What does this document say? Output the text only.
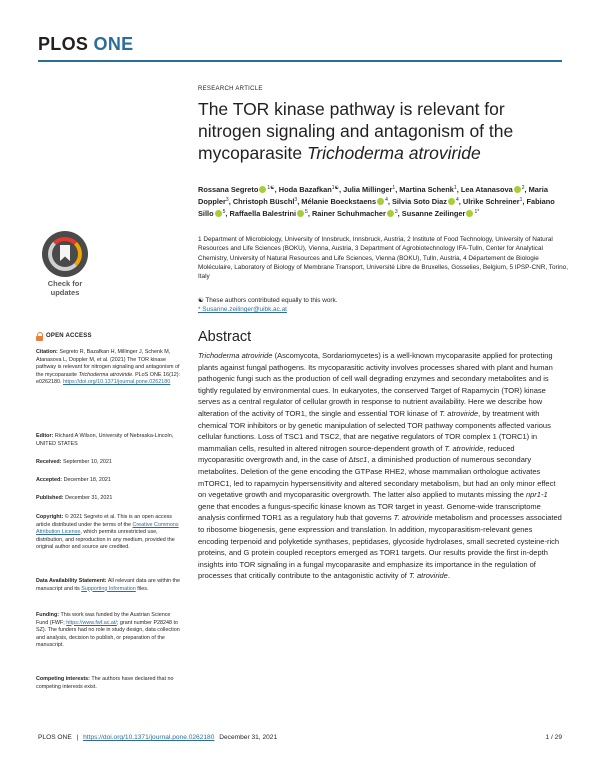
PLOS ONE
Check for
updates
OPEN ACCESS
Citation: Segreto R, Bazafkan H, Millinger J, Schenk M, Atanasova L, Doppler M, et al. (2021) The TOR kinase pathway is relevant for nitrogen signaling and antagonism of the mycoparasite Trichoderma atroviride. PLoS ONE 16(12): e0262180. https://doi.org/10.1371/journal.pone.0262180
Editor: Richard A Wilson, University of Nebraska-Lincoln, UNITED STATES
Received: September 10, 2021
Accepted: December 18, 2021
Published: December 31, 2021
Copyright: © 2021 Segreto et al. This is an open access article distributed under the terms of the Creative Commons Attribution License, which permits unrestricted use, distribution, and reproduction in any medium, provided the original author and source are credited.
Data Availability Statement: All relevant data are within the manuscript and its Supporting Information files.
Funding: This work was funded by the Austrian Science Fund (FWF; https://www.fwf.ac.at/; grant number P28248 to SZ). The funders had no role in study design, data collection and analysis, decision to publish, or preparation of the manuscript.
Competing interests: The authors have declared that no competing interests exist.
RESEARCH ARTICLE
The TOR kinase pathway is relevant for nitrogen signaling and antagonism of the mycoparasite Trichoderma atroviride
Rossana Segreto $^{1☯}$, Hoda Bazafkan$^{1☯}$, Julia Millinger$^1$, Martina Schenk$^1$, Lea Atanasova $^2$, Maria Doppler$^3$, Christoph Büschl$^3$, Mélanie Boeckstaens $^4$, Silvia Soto Diaz $^4$, Ulrike Schreiner$^1$, Fabiano Sillo $^5$, Raffaella Balestrini $^5$, Rainer Schuhmacher $^3$, Susanne Zeilinger $^{1*}$
1 Department of Microbiology, University of Innsbruck, Innsbruck, Austria, 2 Institute of Food Technology, University of Natural Resources and Life Sciences (BOKU), Vienna, Austria, 3 Department of Agrobiotechnology IFA-Tulln, Center for Analytical Chemistry, University of Natural Resources and Life Sciences, Vienna (BOKU), Tulln, Austria, 4 Département de Biologie Moléculaire, Laboratory of Biology of Membrane Transport, Université Libre de Bruxelles, Gosselies, Belgium, 5 IPSP-CNR, Torino, Italy
☯ These authors contributed equally to this work.
* Susanne.zeilinger@uibk.ac.at
Abstract
Trichoderma atroviride (Ascomycota, Sordariomycetes) is a well-known mycoparasite applied for protecting plants against fungal pathogens. Its mycoparasitic activity involves processes shared with plant and human pathogenic fungi such as the production of cell wall degrading enzymes and secondary metabolites and is tightly regulated by environmental cues. In eukaryotes, the conserved Target of Rapamycin (TOR) kinase serves as a central regulator of cellular growth in response to nutrient availability. Here we describe how alteration of the activity of TOR1, the single and essential TOR kinase of T. atroviride, by treatment with chemical TOR inhibitors or by genetic manipulation of selected TOR pathway components affected various cellular functions. Loss of TSC1 and TSC2, that are negative regulators of TOR complex 1 (TORC1) in mammalian cells, resulted in altered nitrogen source-dependent growth of T. atroviride, reduced mycoparasitic overgrowth and, in the case of Δtsc1, a diminished production of numerous secondary metabolites. Deletion of the gene encoding the GTPase RHE2, whose mammalian orthologue activates mTORC1, led to rapamycin hypersensitivity and altered secondary metabolism, but had an only minor effect on vegetative growth and mycoparasitic overgrowth. The latter also applied to mutants missing the npr1-1 gene that encodes a fungus-specific kinase known as TOR target in yeast. Genome-wide transcriptome analysis confirmed TOR1 as a regulatory hub that governs T. atroviride metabolism and processes associated to ribosome biogenesis, gene expression and translation. In addition, mycoparasitism-relevant genes encoding terpenoid and polyketide synthases, peptidases, glycoside hydrolases, small secreted cysteine-rich proteins, and G protein coupled receptors emerged as TOR1 targets. Our results provide the first in-depth insights into TOR signaling in a fungal mycoparasite and emphasize its importance in the regulation of processes that critically contribute to the antagonistic activity of T. atroviride.
PLOS ONE | https://doi.org/10.1371/journal.pone.0262180 December 31, 2021	1 / 29
